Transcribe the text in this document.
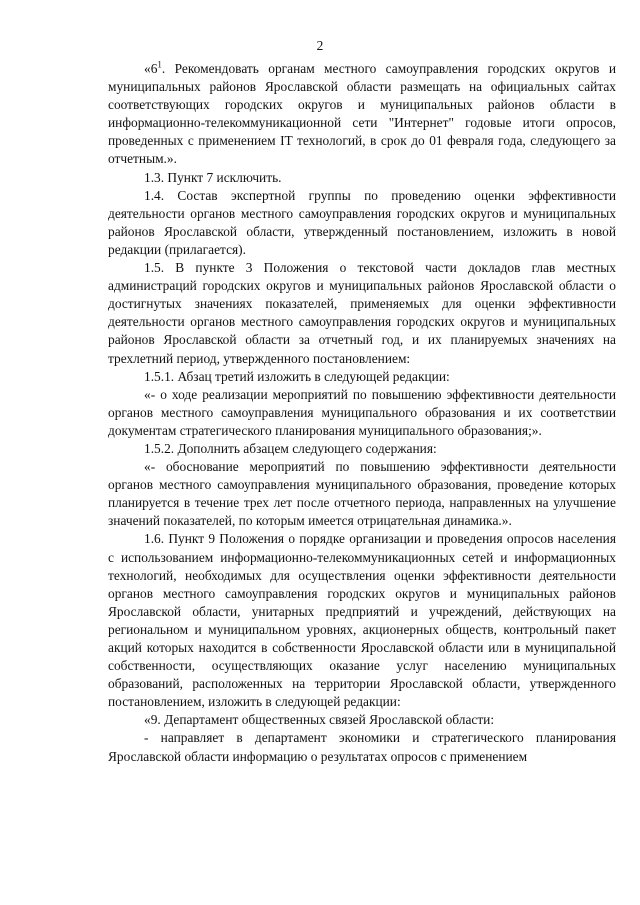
2

«$6^1$. Рекомендовать органам местного самоуправления городских округов и муниципальных районов Ярославской области размещать на официальных сайтах соответствующих городских округов и муниципальных районов области в информационно-телекоммуникационной сети "Интернет" годовые итоги опросов, проведенных с применением IT технологий, в срок до 01 февраля года, следующего за отчетным.».

1.3. Пункт 7 исключить.

1.4. Состав экспертной группы по проведению оценки эффективности деятельности органов местного самоуправления городских округов и муниципальных районов Ярославской области, утвержденный постановлением, изложить в новой редакции (прилагается).

1.5. В пункте 3 Положения о текстовой части докладов глав местных администраций городских округов и муниципальных районов Ярославской области о достигнутых значениях показателей, применяемых для оценки эффективности деятельности органов местного самоуправления городских округов и муниципальных районов Ярославской области за отчетный год, и их планируемых значениях на трехлетний период, утвержденного постановлением:

1.5.1. Абзац третий изложить в следующей редакции:

«- о ходе реализации мероприятий по повышению эффективности деятельности органов местного самоуправления муниципального образования и их соответствии документам стратегического планирования муниципального образования;».

1.5.2. Дополнить абзацем следующего содержания:

«- обоснование мероприятий по повышению эффективности деятельности органов местного самоуправления муниципального образования, проведение которых планируется в течение трех лет после отчетного периода, направленных на улучшение значений показателей, по которым имеется отрицательная динамика.».

1.6. Пункт 9 Положения о порядке организации и проведения опросов населения с использованием информационно-телекоммуникационных сетей и информационных технологий, необходимых для осуществления оценки эффективности деятельности органов местного самоуправления городских округов и муниципальных районов Ярославской области, унитарных предприятий и учреждений, действующих на региональном и муниципальном уровнях, акционерных обществ, контрольный пакет акций которых находится в собственности Ярославской области или в муниципальной собственности, осуществляющих оказание услуг населению муниципальных образований, расположенных на территории Ярославской области, утвержденного постановлением, изложить в следующей редакции:

«9. Департамент общественных связей Ярославской области:

- направляет в департамент экономики и стратегического планирования Ярославской области информацию о результатах опросов с применением
